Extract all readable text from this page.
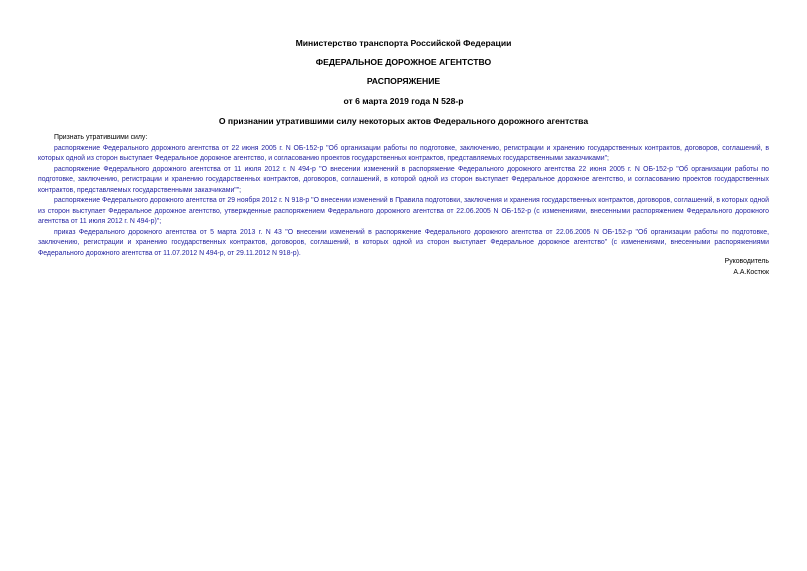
Министерство транспорта Российской Федерации
ФЕДЕРАЛЬНОЕ ДОРОЖНОЕ АГЕНТСТВО
РАСПОРЯЖЕНИЕ
от 6 марта 2019 года N 528-р
О признании утратившими силу некоторых актов Федерального дорожного агентства

Признать утратившими силу:

распоряжение Федерального дорожного агентства от 22 июня 2005 г. N ОБ-152-р "Об организации работы по подготовке, заключению, регистрации и хранению государственных контрактов, договоров, соглашений, в которых одной из сторон выступает Федеральное дорожное агентство, и согласованию проектов государственных контрактов, представляемых государственными заказчиками";

распоряжение Федерального дорожного агентства от 11 июля 2012 г. N 494-р "О внесении изменений в распоряжение Федерального дорожного агентства 22 июня 2005 г. N ОБ-152-р "Об организации работы по подготовке, заключению, регистрации и хранению государственных контрактов, договоров, соглашений, в которой одной из сторон выступает Федеральное дорожное агентство, и согласованию проектов государственных контрактов, представляемых государственными заказчиками"";

распоряжение Федерального дорожного агентства от 29 ноября 2012 г. N 918-р "О внесении изменений в Правила подготовки, заключения и хранения государственных контрактов, договоров, соглашений, в которых одной из сторон выступает Федеральное дорожное агентство, утвержденные распоряжением Федерального дорожного агентства от 22.06.2005 N ОБ-152-р (с изменениями, внесенными распоряжением Федерального дорожного агентства от 11 июля 2012 г. N 494-р)";

приказ Федерального дорожного агентства от 5 марта 2013 г. N 43 "О внесении изменений в распоряжение Федерального дорожного агентства от 22.06.2005 N ОБ-152-р "Об организации работы по подготовке, заключению, регистрации и хранению государственных контрактов, договоров, соглашений, в которых одной из сторон выступает Федеральное дорожное агентство" (с изменениями, внесенными распоряжениями Федерального дорожного агентства от 11.07.2012 N 494-р, от 29.11.2012 N 918-р).

Руководитель
А.А.Костюк
